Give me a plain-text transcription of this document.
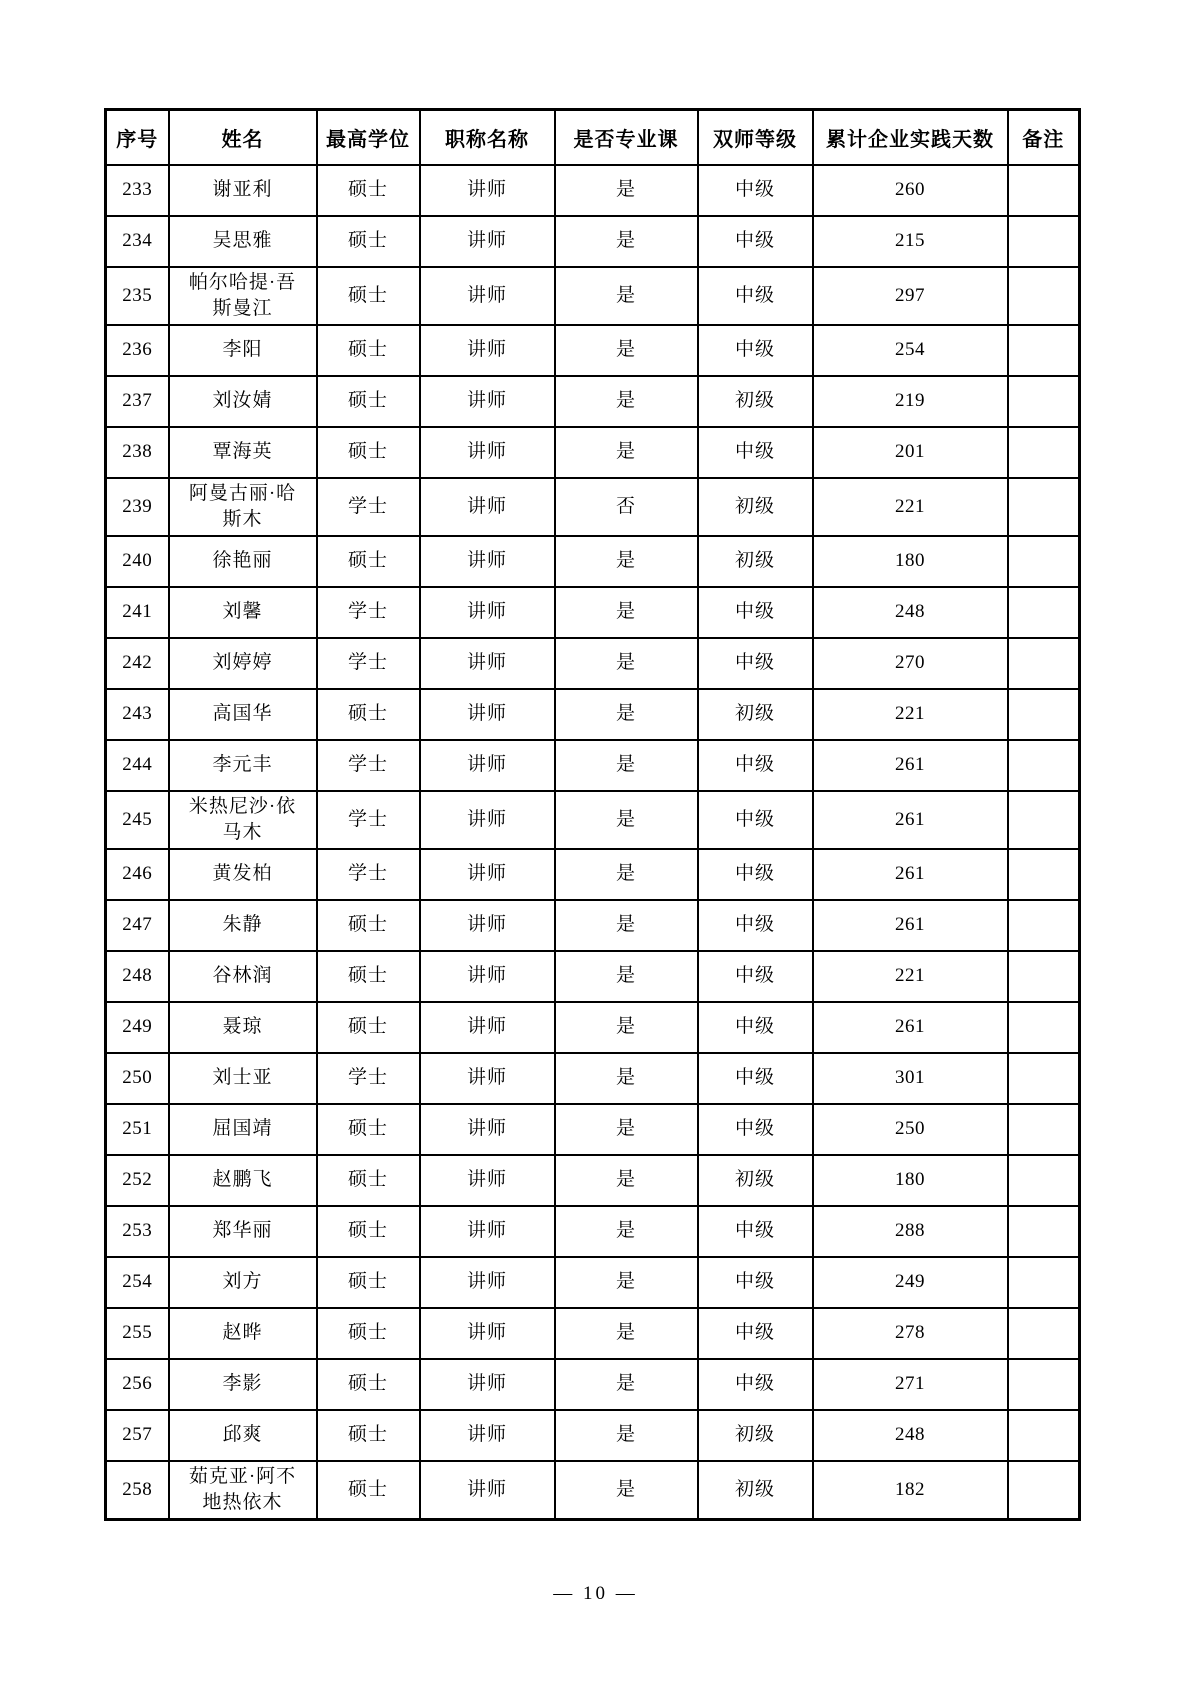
序号	姓名	最高学位	职称名称	是否专业课	双师等级	累计企业实践天数	备注
233	谢亚利	硕士	讲师	是	中级	260	
234	吴思雅	硕士	讲师	是	中级	215	
235	帕尔哈提·吾斯曼江	硕士	讲师	是	中级	297	
236	李阳	硕士	讲师	是	中级	254	
237	刘汝婧	硕士	讲师	是	初级	219	
238	覃海英	硕士	讲师	是	中级	201	
239	阿曼古丽·哈斯木	学士	讲师	否	初级	221	
240	徐艳丽	硕士	讲师	是	初级	180	
241	刘馨	学士	讲师	是	中级	248	
242	刘婷婷	学士	讲师	是	中级	270	
243	高国华	硕士	讲师	是	初级	221	
244	李元丰	学士	讲师	是	中级	261	
245	米热尼沙·依马木	学士	讲师	是	中级	261	
246	黄发柏	学士	讲师	是	中级	261	
247	朱静	硕士	讲师	是	中级	261	
248	谷林润	硕士	讲师	是	中级	221	
249	聂琼	硕士	讲师	是	中级	261	
250	刘士亚	学士	讲师	是	中级	301	
251	屈国靖	硕士	讲师	是	中级	250	
252	赵鹏飞	硕士	讲师	是	初级	180	
253	郑华丽	硕士	讲师	是	中级	288	
254	刘方	硕士	讲师	是	中级	249	
255	赵晔	硕士	讲师	是	中级	278	
256	李影	硕士	讲师	是	中级	271	
257	邱爽	硕士	讲师	是	初级	248	
258	茹克亚·阿不地热依木	硕士	讲师	是	初级	182	
— 10 —
